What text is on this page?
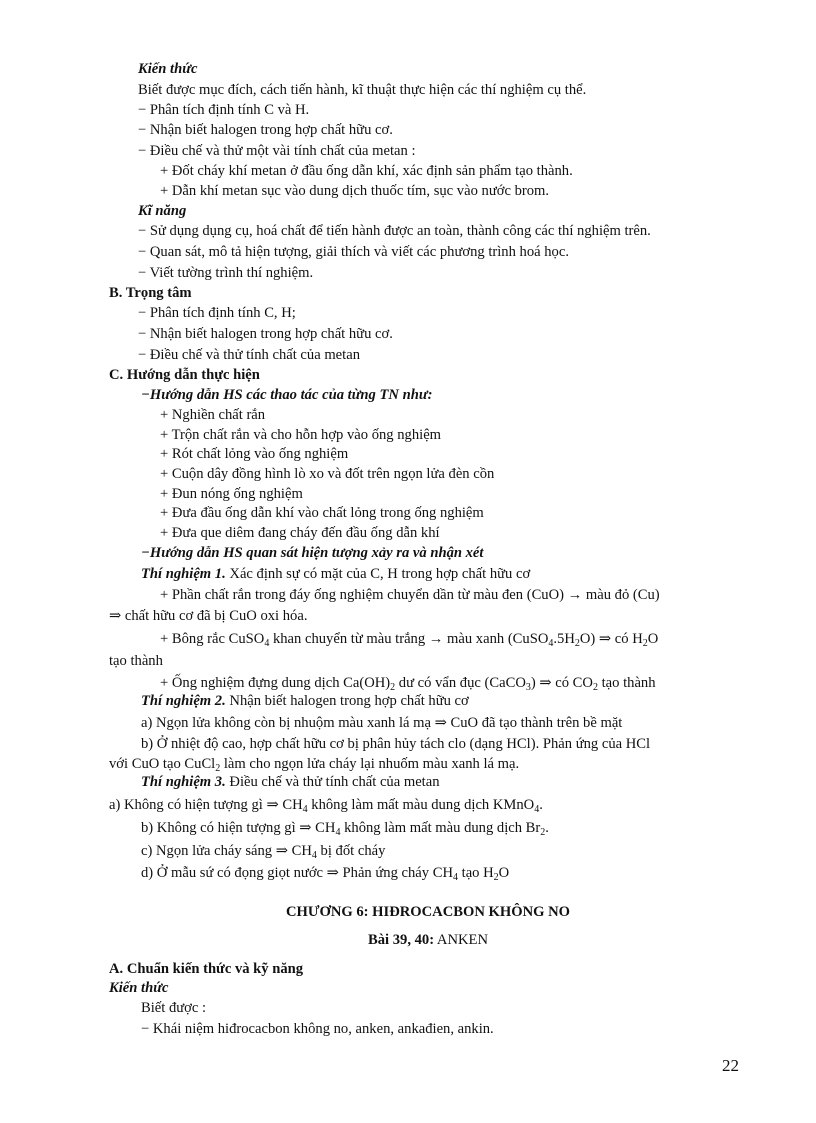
Kiến thức
Biết được mục đích, cách tiến hành, kĩ thuật thực hiện các thí nghiệm cụ thể.
− Phân tích định tính C và H.
− Nhận biết halogen trong hợp chất hữu cơ.
− Điều chế và thử một vài tính chất của metan :
+ Đốt cháy khí metan ở đầu ống dẫn khí, xác định sản phẩm tạo thành.
+ Dẫn khí metan sục vào dung dịch thuốc tím, sục vào nước brom.
Kĩ năng
− Sử dụng dụng cụ, hoá chất để tiến hành được an toàn, thành công các thí nghiệm trên.
− Quan sát, mô tả hiện tượng, giải thích và viết các phương trình hoá học.
− Viết tường trình thí nghiệm.
B. Trọng tâm
− Phân tích định tính C, H;
− Nhận biết halogen trong hợp chất hữu cơ.
− Điều chế và thử tính chất của metan
C. Hướng dẫn thực hiện
−Hướng dẫn HS các thao tác của từng TN như:
+ Nghiền chất rắn
+ Trộn chất rắn và cho hỗn hợp vào ống nghiệm
+ Rót chất lỏng vào ống nghiệm
+ Cuộn dây đồng hình lò xo và đốt trên ngọn lửa đèn cồn
+ Đun nóng ống nghiệm
+ Đưa đầu ống dẫn khí vào chất lỏng trong ống nghiệm
+ Đưa que diêm đang cháy đến đầu ống dẫn khí
−Hướng dẫn HS quan sát hiện tượng xảy ra và nhận xét
Thí nghiệm 1. Xác định sự có mặt của C, H trong hợp chất hữu cơ
+ Phần chất rắn trong đáy ống nghiệm chuyển dần từ màu đen (CuO) → màu đỏ (Cu)
⇒ chất hữu cơ đã bị CuO oxi hóa.
+ Bông rắc CuSO$_4$ khan chuyển từ màu trắng → màu xanh $(CuSO_4.5H_2O)$ ⇒ có $H_2O$
tạo thành
+ Ống nghiệm đựng dung dịch $Ca(OH)_2$ dư có vẩn đục (CaCO$_3$) ⇒ có $CO_2$ tạo thành
Thí nghiệm 2. Nhận biết halogen trong hợp chất hữu cơ
a) Ngọn lửa không còn bị nhuộm màu xanh lá mạ ⇒ CuO đã tạo thành trên bề mặt
b) Ở nhiệt độ cao, hợp chất hữu cơ bị phân hủy tách clo (dạng HCl). Phản ứng của HCl
với CuO tạo CuCl$_2$ làm cho ngọn lửa cháy lại nhuốm màu xanh lá mạ.
Thí nghiệm 3. Điều chế và thử tính chất của metan
a) Không có hiện tượng gì ⇒ $CH_4$ không làm mất màu dung dịch KMnO$_4$.
b) Không có hiện tượng gì ⇒ $CH_4$ không làm mất màu dung dịch $Br_2$.
c) Ngọn lửa cháy sáng ⇒ $CH_4$ bị đốt cháy
d) Ở mẫu sứ có đọng giọt nước ⇒ Phản ứng cháy $CH_4$ tạo $H_2O$
A. Chuẩn kiến thức và kỹ năng
Kiến thức
Biết được :
− Khái niệm hiđrocacbon không no, anken, ankađien, ankin.
CHƯƠNG 6: HIĐROCACBON KHÔNG NO
Bài 39, 40: ANKEN
22
